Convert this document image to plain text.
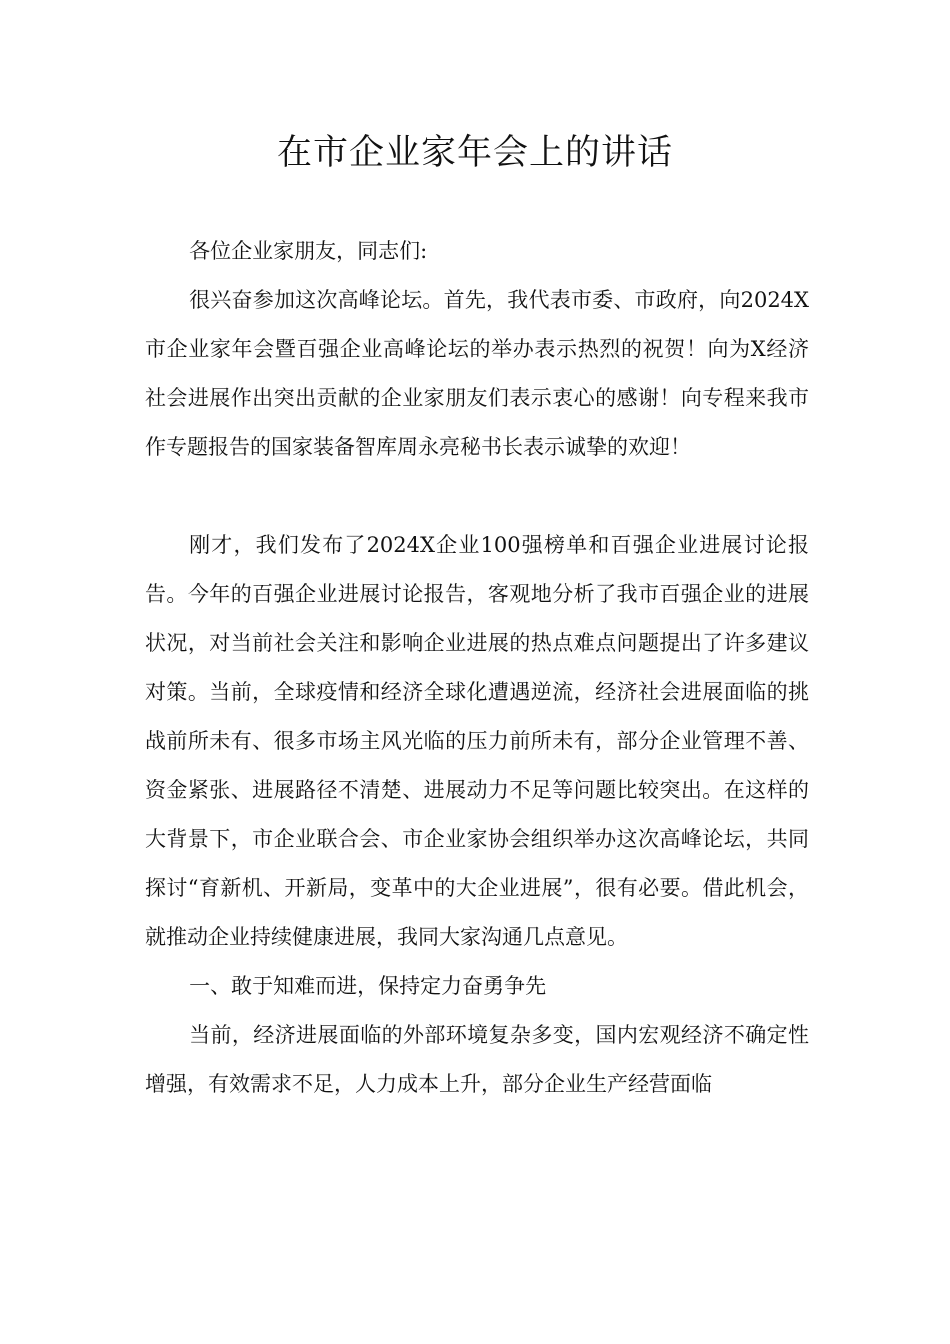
在市企业家年会上的讲话

各位企业家朋友，同志们:

很兴奋参加这次高峰论坛。首先，我代表市委、市政府，向2024X市企业家年会暨百强企业高峰论坛的举办表示热烈的祝贺！向为X经济社会进展作出突出贡献的企业家朋友们表示衷心的感谢！向专程来我市作专题报告的国家装备智库周永亮秘书长表示诚挚的欢迎！

刚才，我们发布了2024X企业100强榜单和百强企业进展讨论报告。今年的百强企业进展讨论报告，客观地分析了我市百强企业的进展状况，对当前社会关注和影响企业进展的热点难点问题提出了许多建议对策。当前，全球疫情和经济全球化遭遇逆流，经济社会进展面临的挑战前所未有、很多市场主风光临的压力前所未有，部分企业管理不善、资金紧张、进展路径不清楚、进展动力不足等问题比较突出。在这样的大背景下，市企业联合会、市企业家协会组织举办这次高峰论坛，共同探讨“育新机、开新局，变革中的大企业进展”，很有必要。借此机会，就推动企业持续健康进展，我同大家沟通几点意见。

一、敢于知难而进，保持定力奋勇争先

当前，经济进展面临的外部环境复杂多变，国内宏观经济不确定性增强，有效需求不足，人力成本上升，部分企业生产经营面临
